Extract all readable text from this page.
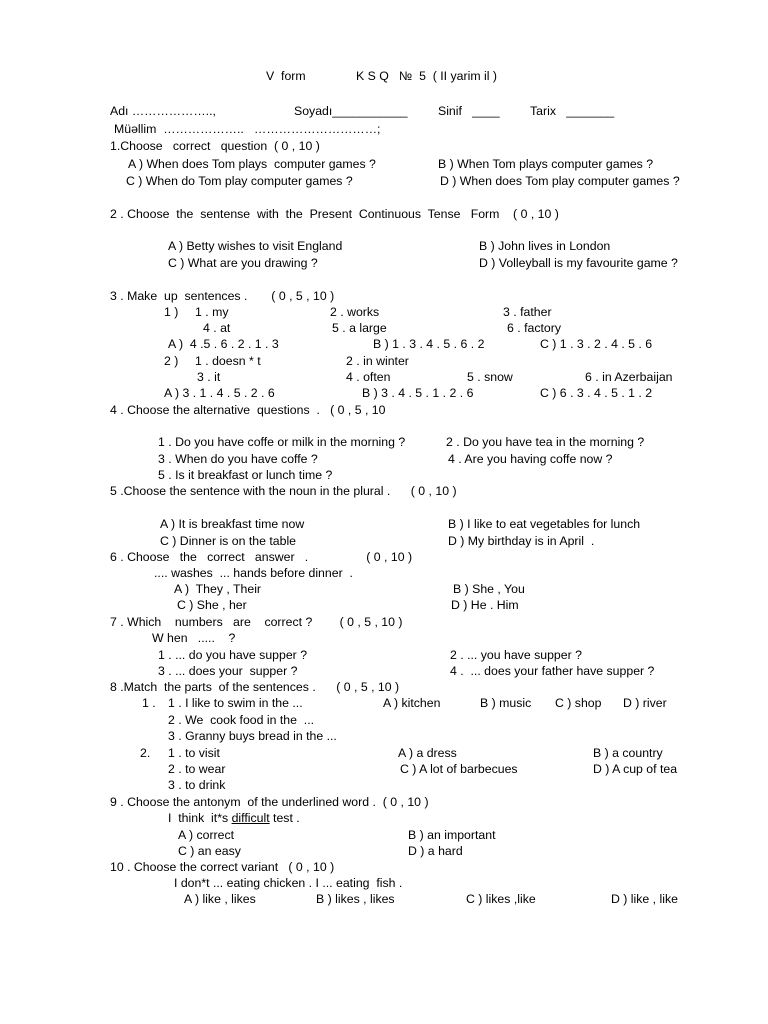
V  form	K S Q   №  5  ( II yarim il )
Adı ………………..,	Soyadı___________ Sinif   ____ Tarix   _______
Müəllim  ………………..   …………………………;
1.Choose   correct   question  ( 0 , 10 )
A ) When does Tom plays  computer games ?	B ) When Tom plays computer games ?
C ) When do Tom play computer games ?	D ) When does Tom play computer games ?
2 . Choose  the  sentense  with  the  Present  Continuous  Tense   Form    ( 0 , 10 )
A ) Betty wishes to visit England	B ) John lives in London
C ) What are you drawing ?	D ) Volleyball is my favourite game ?
3 . Make  up  sentences .       ( 0 , 5 , 10 )
1 ) 1 . my	2 . works	3 . father
4 . at	5 . a large	6 . factory
A )  4 .5 . 6 . 2 . 1 . 3	B ) 1 . 3 . 4 . 5 . 6 . 2	C ) 1 . 3 . 2 . 4 . 5 . 6
2 ) 1 . doesn * t	2 . in winter
3 . it	4 . often	5 . snow	6 . in Azerbaijan
A ) 3 . 1 . 4 . 5 . 2 . 6	B ) 3 . 4 . 5 . 1 . 2 . 6	C ) 6 . 3 . 4 . 5 . 1 . 2
4 . Choose the alternative  questions  .   ( 0 , 5 , 10
1 . Do you have coffe or milk in the morning ?	2 . Do you have tea in the morning ?
3 . When do you have coffe ?	4 . Are you having coffe now ?
5 . Is it breakfast or lunch time ?
5 .Choose the sentence with the noun in the plural .      ( 0 , 10 )
A ) It is breakfast time now	B ) I like to eat vegetables for lunch
C ) Dinner is on the table	D ) My birthday is in April  .
6 . Choose   the   correct   answer   .                 ( 0 , 10 )
.... washes  ... hands before dinner  .
A )  They , Their	B ) She , You
C ) She , her	D ) He . Him
7 . Which    numbers   are    correct ?        ( 0 , 5 , 10 )
W hen   .....    ?
1 . ... do you have supper ?	2 . ... you have supper ?
3 . ... does your  supper ?	4 .  ... does your father have supper ?
8 .Match  the parts  of the sentences .      ( 0 , 5 , 10 )
1 . 1 . I like to swim in the ...	A ) kitchen	B ) music C ) shop D ) river
2 . We  cook food in the  ...
3 . Granny buys bread in the ...
2. 1 . to visit	A ) a dress	B ) a country
2 . to wear	C ) A lot of barbecues	D ) A cup of tea
3 . to drink
9 . Choose the antonym  of the underlined word .  ( 0 , 10 )
I  think  it*s difficult test .
A ) correct	B ) an important
C ) an easy	D ) a hard
10 . Choose the correct variant   ( 0 , 10 )
I don*t ... eating chicken . I ... eating  fish .
A ) like , likes	B ) likes , likes	C ) likes ,like	D ) like , like
